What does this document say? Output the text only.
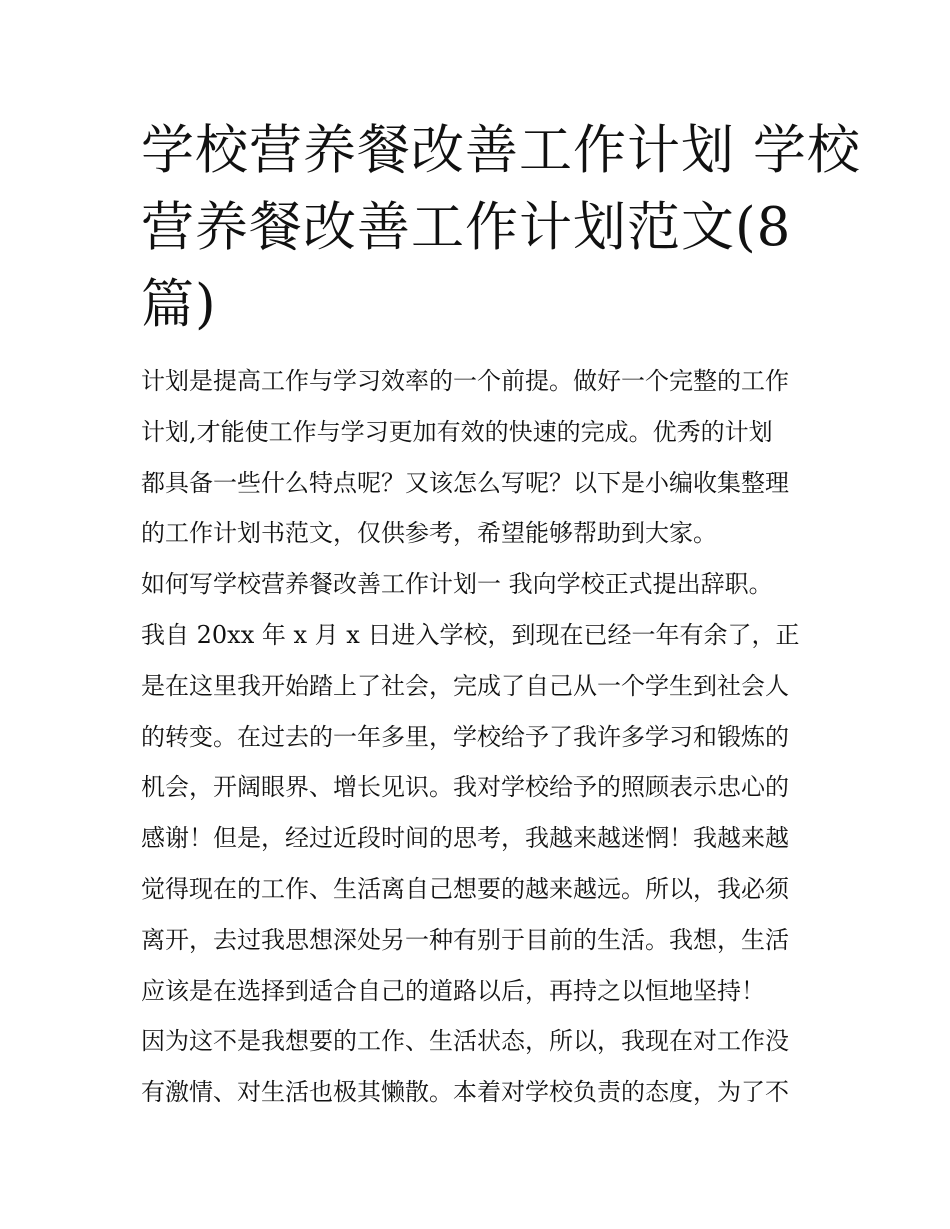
学校营养餐改善工作计划 学校
营养餐改善工作计划范文(8
篇)
计划是提高工作与学习效率的一个前提。做好一个完整的工作
计划,才能使工作与学习更加有效的快速的完成。优秀的计划
都具备一些什么特点呢？又该怎么写呢？以下是小编收集整理
的工作计划书范文，仅供参考，希望能够帮助到大家。
如何写学校营养餐改善工作计划一 我向学校正式提出辞职。
我自 20xx 年 x 月 x 日进入学校，到现在已经一年有余了，正
是在这里我开始踏上了社会，完成了自己从一个学生到社会人
的转变。在过去的一年多里，学校给予了我许多学习和锻炼的
机会，开阔眼界、增长见识。我对学校给予的照顾表示忠心的
感谢！但是，经过近段时间的思考，我越来越迷惘！我越来越
觉得现在的工作、生活离自己想要的越来越远。所以，我必须
离开，去过我思想深处另一种有别于目前的生活。我想，生活
应该是在选择到适合自己的道路以后，再持之以恒地坚持！
因为这不是我想要的工作、生活状态，所以，我现在对工作没
有激情、对生活也极其懒散。本着对学校负责的态度，为了不
